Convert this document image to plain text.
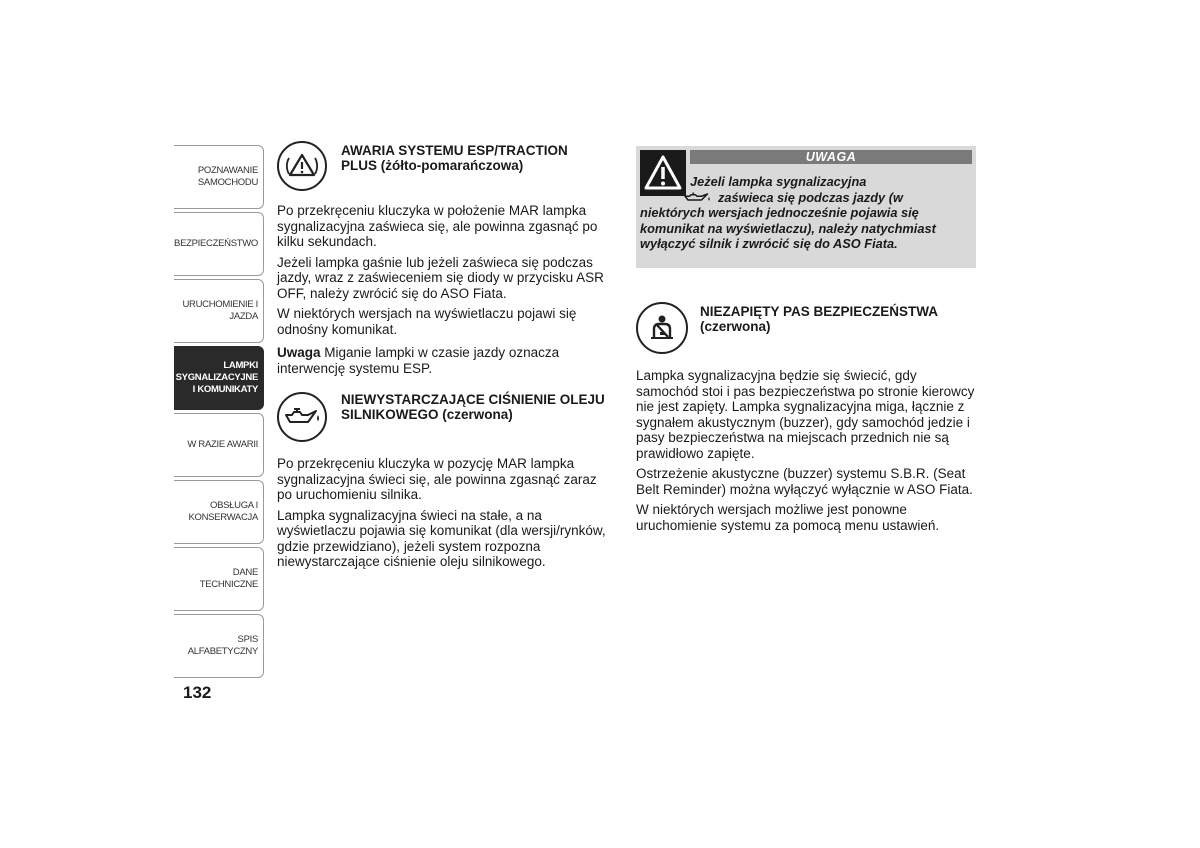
POZNAWANIE
SAMOCHODU
BEZPIECZEŃSTWO
URUCHOMIENIE I
JAZDA
LAMPKI
SYGNALIZACYJNE
I KOMUNIKATY
W RAZIE AWARII
OBSŁUGA I
KONSERWACJA
DANE TECHNICZNE
SPIS ALFABETYCZNY
132
AWARIA SYSTEMU ESP/TRACTION PLUS (żółto-pomarańczowa)

Po przekręceniu kluczyka w położenie MAR lampka sygnalizacyjna zaświeca się, ale powinna zgasnąć po kilku sekundach.

Jeżeli lampka gaśnie lub jeżeli zaświeca się podczas jazdy, wraz z zaświeceniem się diody w przycisku ASR OFF, należy zwrócić się do ASO Fiata.

W niektórych wersjach na wyświetlaczu pojawi się odnośny komunikat.

Uwaga Miganie lampki w czasie jazdy oznacza interwencję systemu ESP.

NIEWYSTARCZAJĄCE CIŚNIENIE OLEJU SILNIKOWEGO (czerwona)

Po przekręceniu kluczyka w pozycję MAR lampka sygnalizacyjna świeci się, ale powinna zgasnąć zaraz po uruchomieniu silnika.

Lampka sygnalizacyjna świeci na stałe, a na wyświetlaczu pojawia się komunikat (dla wersji/rynków, gdzie przewidziano), jeżeli system rozpozna niewystarczające ciśnienie oleju silnikowego.

UWAGA
Jeżeli lampka sygnalizacyjna
zaświeca się podczas jazdy (w
niektórych wersjach jednocześnie pojawia się komunikat na wyświetlaczu), należy natychmiast wyłączyć silnik i zwrócić się do ASO Fiata.
NIEZAPIĘTY PAS BEZPIECZEŃSTWA (czerwona)

Lampka sygnalizacyjna będzie się świecić, gdy samochód stoi i pas bezpieczeństwa po stronie kierowcy nie jest zapięty. Lampka sygnalizacyjna miga, łącznie z sygnałem akustycznym (buzzer), gdy samochód jedzie i pasy bezpieczeństwa na miejscach przednich nie są prawidłowo zapięte.

Ostrzeżenie akustyczne (buzzer) systemu S.B.R. (Seat Belt Reminder) można wyłączyć wyłącznie w ASO Fiata.

W niektórych wersjach możliwe jest ponowne uruchomienie systemu za pomocą menu ustawień.
